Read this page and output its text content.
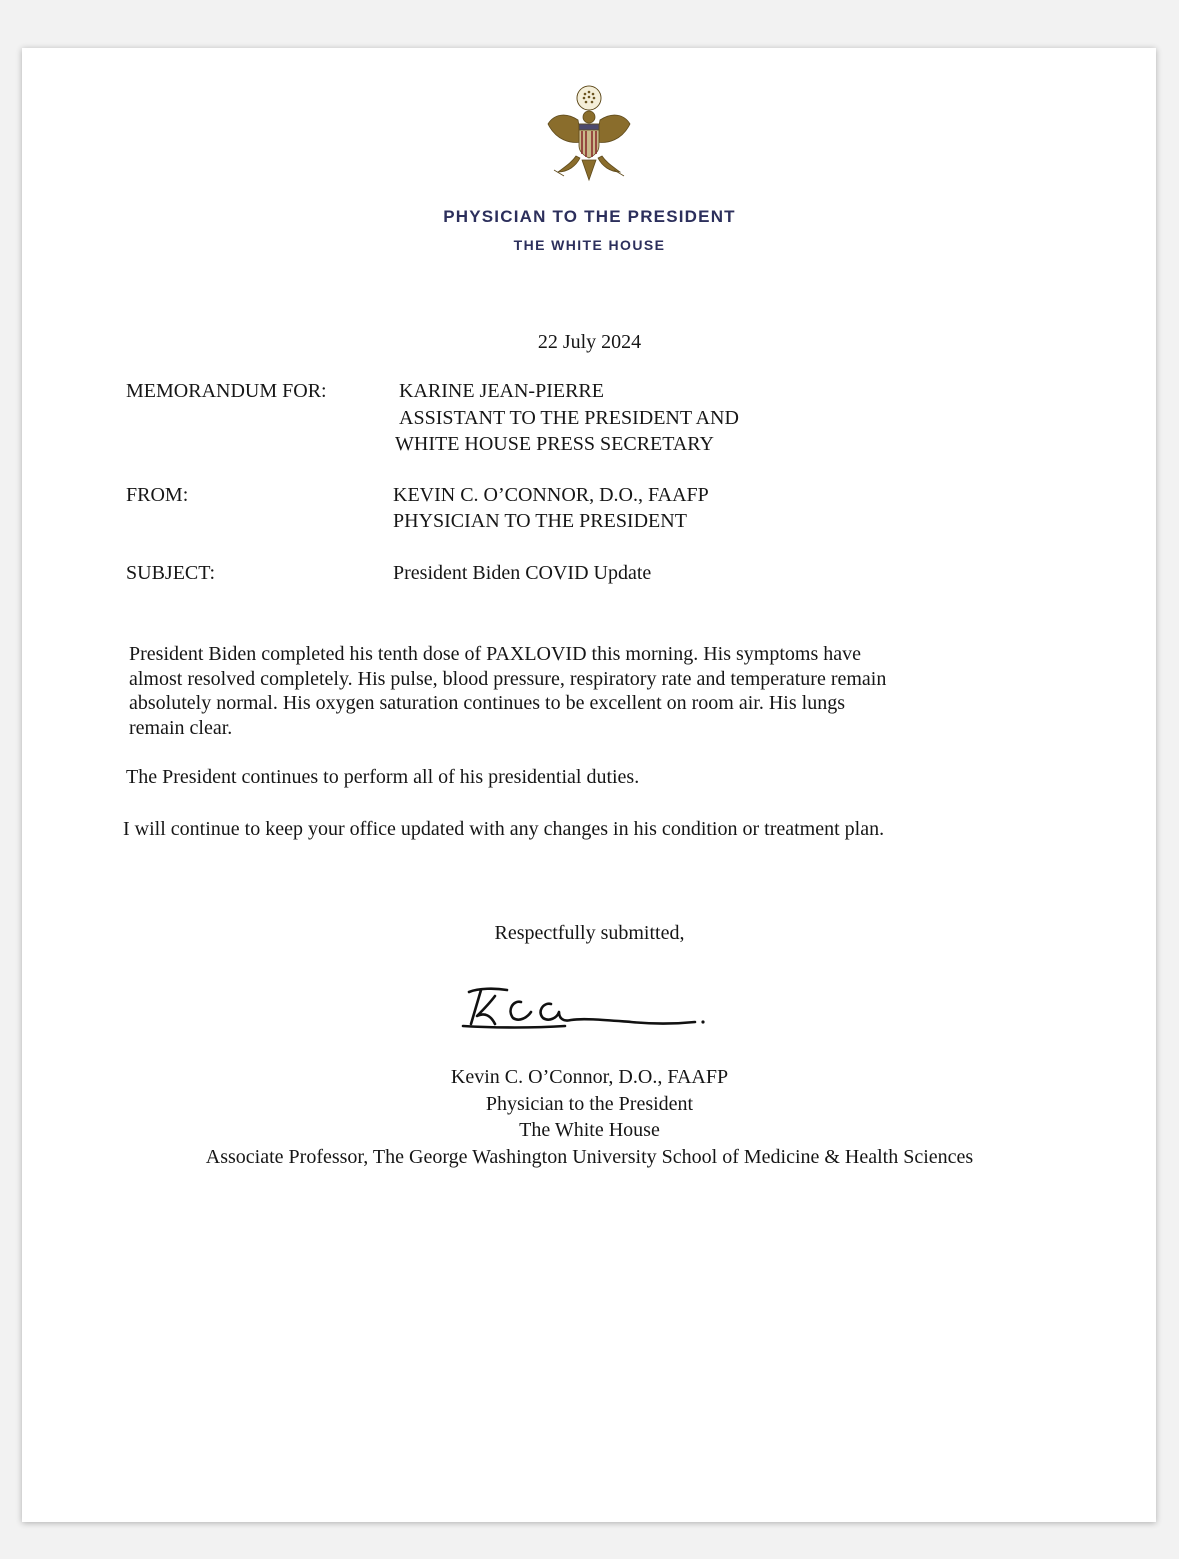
PHYSICIAN TO THE PRESIDENT
THE WHITE HOUSE
22 July 2024
MEMORANDUM FOR:	KARINE JEAN-PIERRE
ASSISTANT TO THE PRESIDENT AND
WHITE HOUSE PRESS SECRETARY
FROM:	KEVIN C. O’CONNOR, D.O., FAAFP
PHYSICIAN TO THE PRESIDENT
SUBJECT:	President Biden COVID Update
President Biden completed his tenth dose of PAXLOVID this morning. His symptoms have
almost resolved completely. His pulse, blood pressure, respiratory rate and temperature remain
absolutely normal. His oxygen saturation continues to be excellent on room air. His lungs
remain clear.
The President continues to perform all of his presidential duties.
I will continue to keep your office updated with any changes in his condition or treatment plan.
Respectfully submitted,
Kevin C. O’Connor, D.O., FAAFP
Physician to the President
The White House
Associate Professor, The George Washington University School of Medicine & Health Sciences
